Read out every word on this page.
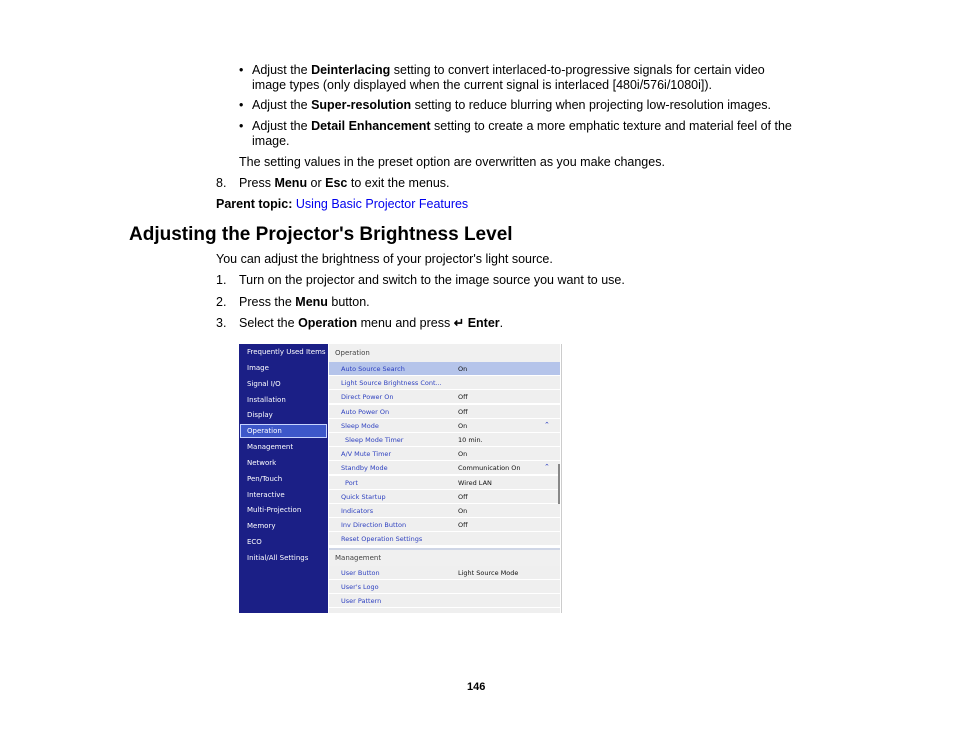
• Adjust the Deinterlacing setting to convert interlaced-to-progressive signals for certain video
image types (only displayed when the current signal is interlaced [480i/576i/1080i]).
• Adjust the Super-resolution setting to reduce blurring when projecting low-resolution images.
• Adjust the Detail Enhancement setting to create a more emphatic texture and material feel of the
image.
The setting values in the preset option are overwritten as you make changes.
8. Press Menu or Esc to exit the menus.
Parent topic: Using Basic Projector Features
Adjusting the Projector's Brightness Level
You can adjust the brightness of your projector's light source.
1. Turn on the projector and switch to the image source you want to use.
2. Press the Menu button.
3. Select the Operation menu and press ↵ Enter.
Frequently Used Items
Image
Signal I/O
Installation
Display
Operation
Management
Network
Pen/Touch
Interactive
Multi-Projection
Memory
ECO
Initial/All Settings
Operation
Auto Source Search	On
Light Source Brightness Cont...
Direct Power On	Off
Auto Power On	Off
Sleep Mode	On	⌃
Sleep Mode Timer	10 min.
A/V Mute Timer	On
Standby Mode	Communication On	⌃
Port	Wired LAN
Quick Startup	Off
Indicators	On
Inv Direction Button	Off
Reset Operation Settings
Management
User Button	Light Source Mode
User's Logo
User Pattern
146
